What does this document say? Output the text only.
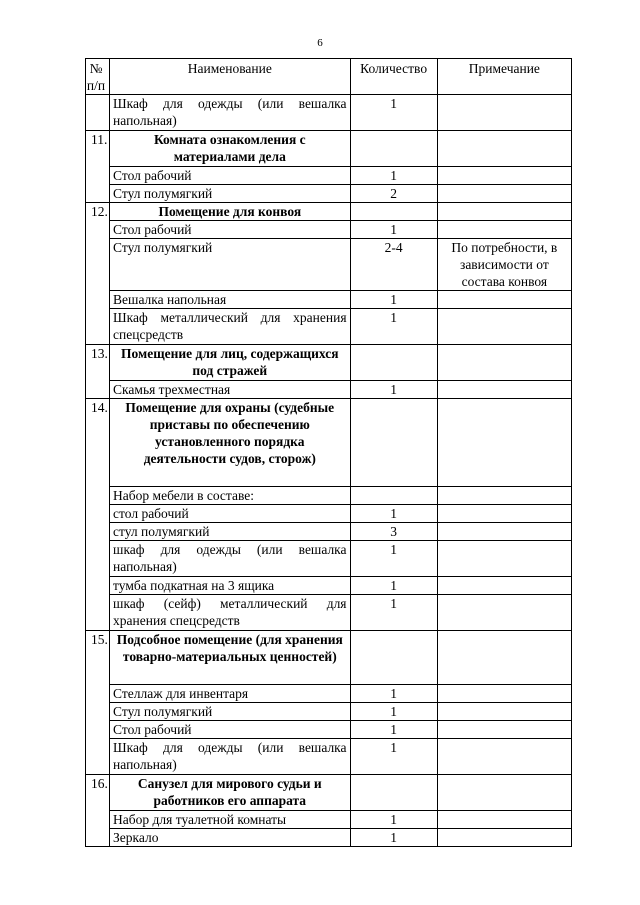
6
№
п/п	Наименование	Количество	Примечание
	Шкаф для одежды (или вешалка напольная)	1	
11.	Комната ознакомления с материалами дела		
	Стол рабочий	1	
	Стул полумягкий	2	
12.	Помещение для конвоя		
	Стол рабочий	1	
	Стул полумягкий	2-4	По потребности, в зависимости от состава конвоя
	Вешалка напольная	1	
	Шкаф металлический для хранения спецсредств	1	
13.	Помещение для лиц, содержащихся под стражей		
	Скамья трехместная	1	
14.	Помещение для охраны (судебные приставы по обеспечению установленного порядка деятельности судов, сторож)		
	Набор мебели в составе:		
	стол рабочий	1	
	стул полумягкий	3	
	шкаф для одежды (или вешалка напольная)	1	
	тумба подкатная на 3 ящика	1	
	шкаф (сейф) металлический для хранения спецсредств	1	
15.	Подсобное помещение (для хранения товарно-материальных ценностей)		
	Стеллаж для инвентаря	1	
	Стул полумягкий	1	
	Стол рабочий	1	
	Шкаф для одежды (или вешалка напольная)	1	
16.	Санузел для мирового судьи и работников его аппарата		
	Набор для туалетной комнаты	1	
	Зеркало	1	
